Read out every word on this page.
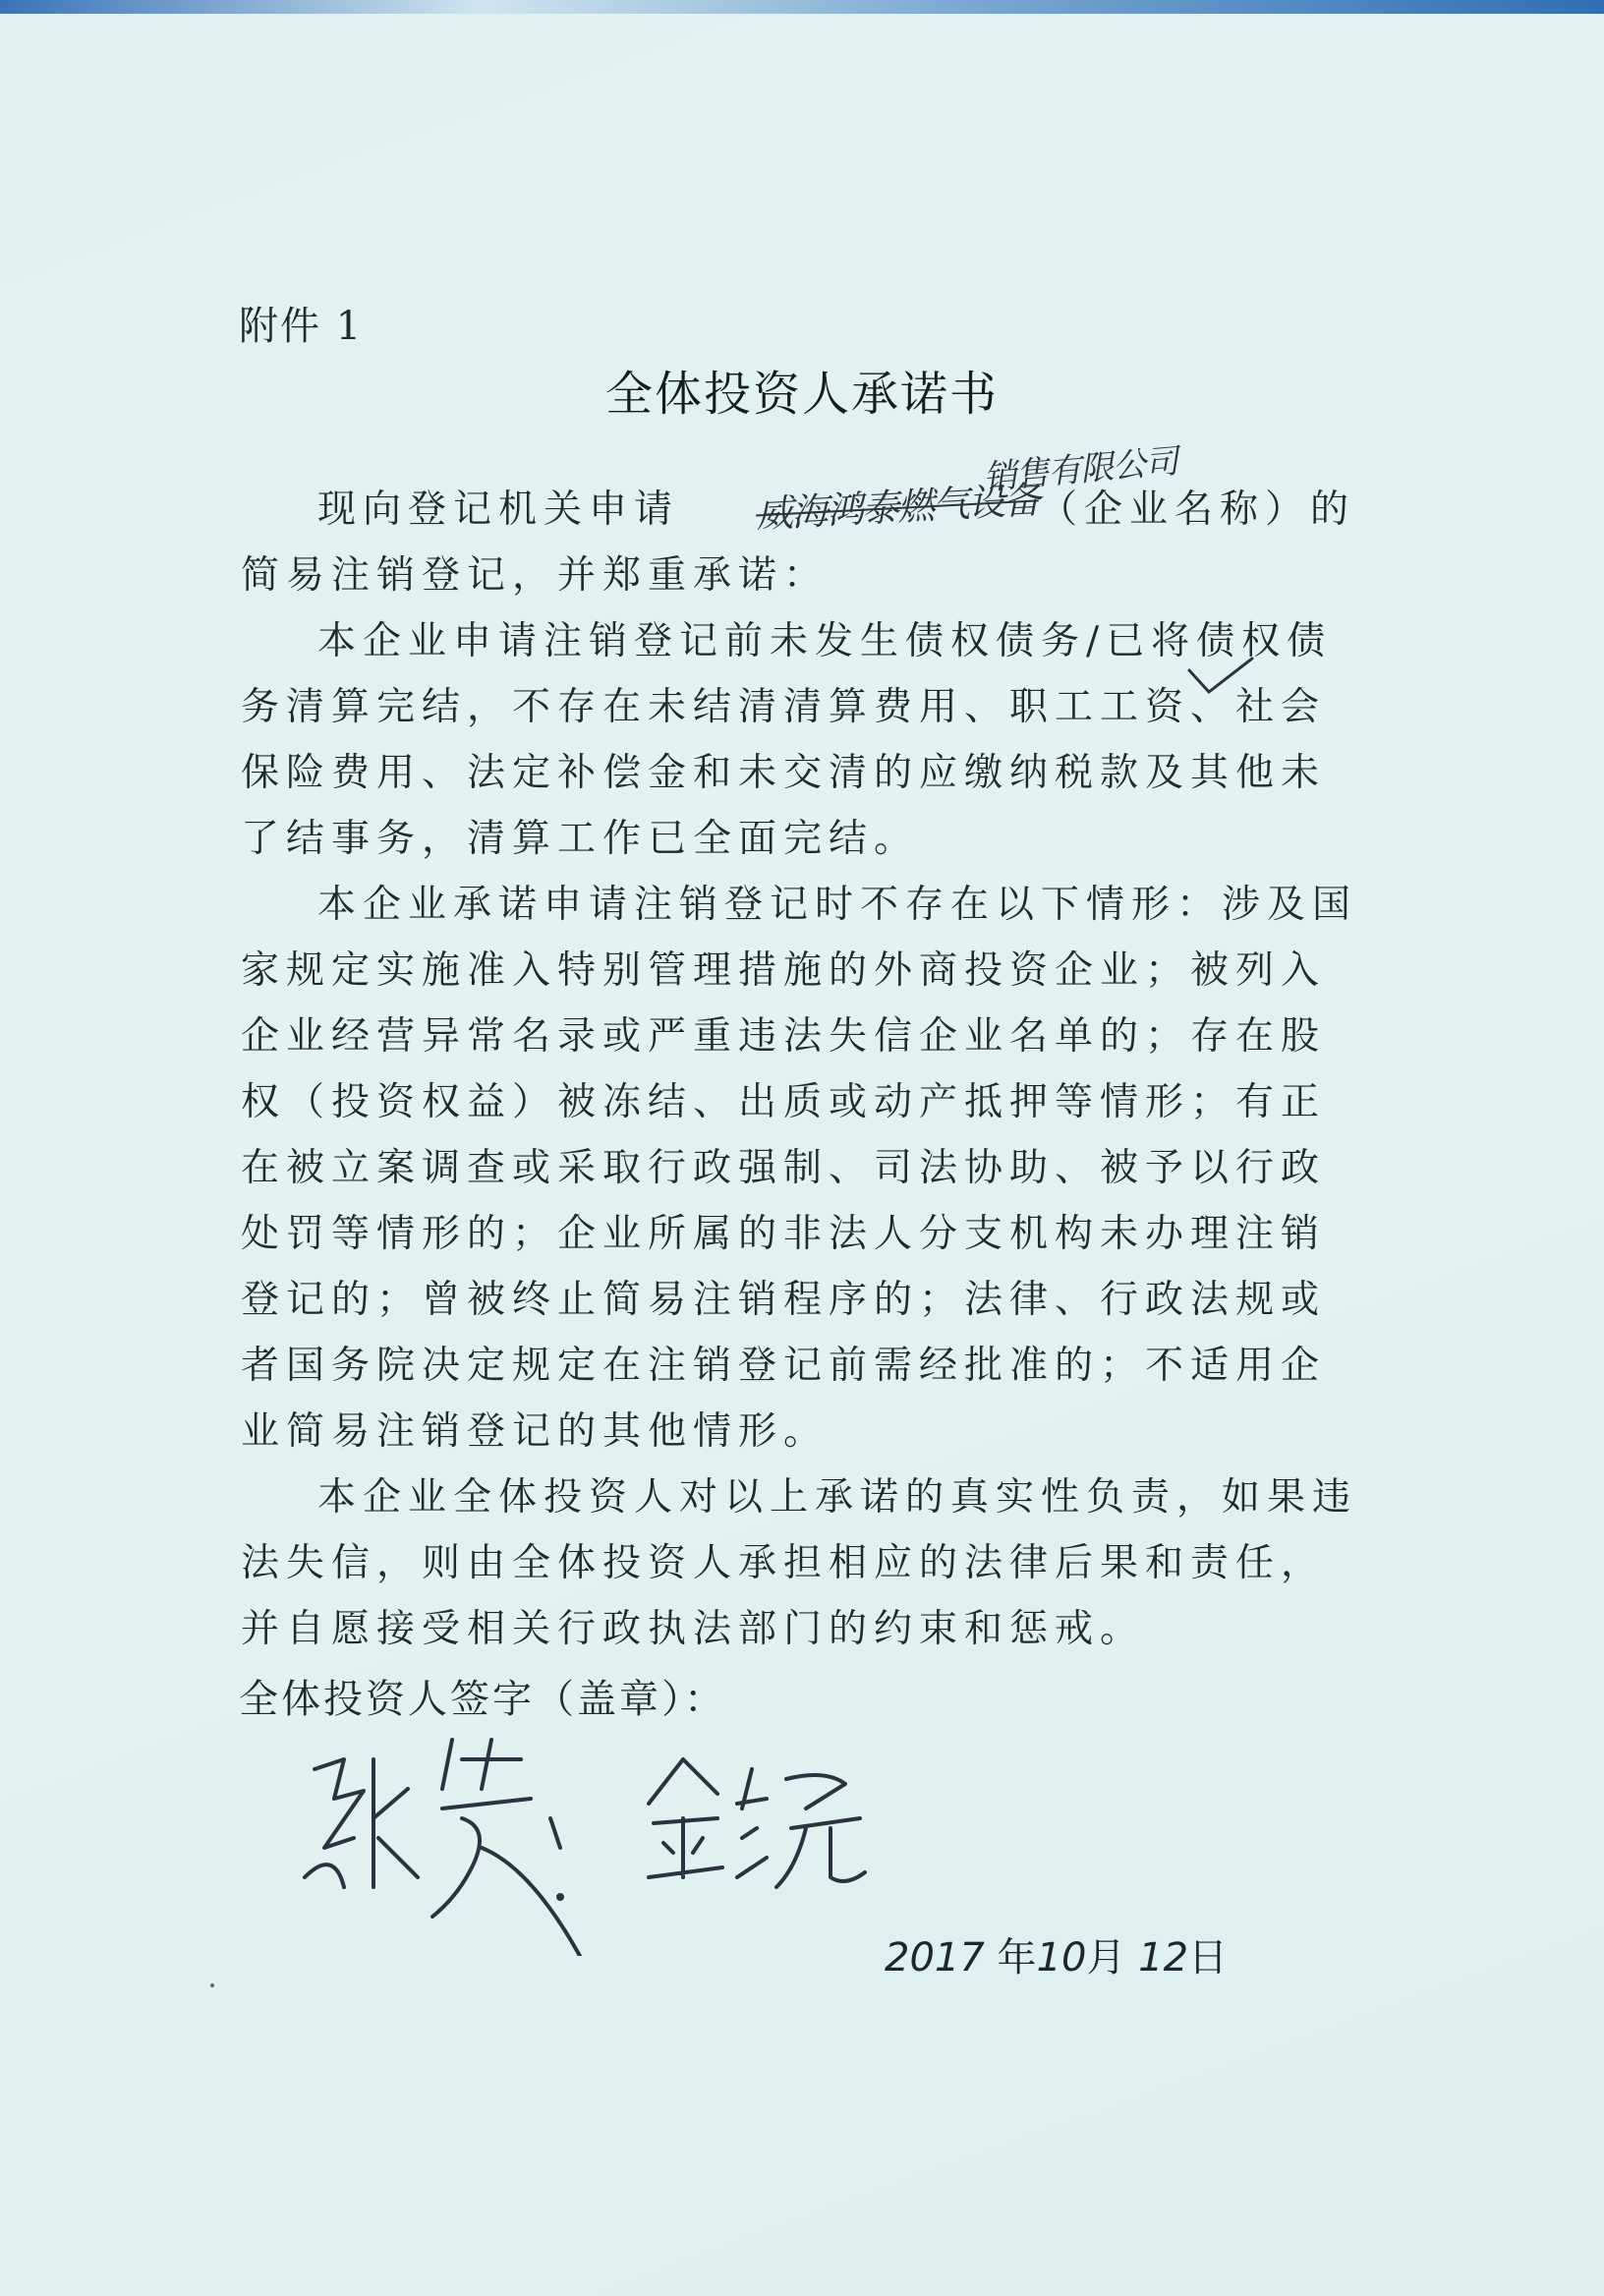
附件 1
全体投资人承诺书
销售有限公司

现向登记机关申请 威海鸿泰燃气设备（企业名称）的简易注销登记，并郑重承诺：

本企业申请注销登记前未发生债权债务/已将债权债务清算完结，不存在未结清清算费用、职工工资、社会保险费用、法定补偿金和未交清的应缴纳税款及其他未了结事务，清算工作已全面完结。

本企业承诺申请注销登记时不存在以下情形：涉及国家规定实施准入特别管理措施的外商投资企业；被列入企业经营异常名录或严重违法失信企业名单的；存在股权（投资权益）被冻结、出质或动产抵押等情形；有正在被立案调查或采取行政强制、司法协助、被予以行政处罚等情形的；企业所属的非法人分支机构未办理注销登记的；曾被终止简易注销程序的；法律、行政法规或者国务院决定规定在注销登记前需经批准的；不适用企业简易注销登记的其他情形。

本企业全体投资人对以上承诺的真实性负责，如果违法失信，则由全体投资人承担相应的法律后果和责任，并自愿接受相关行政执法部门的约束和惩戒。

全体投资人签字（盖章）：
2017 年10月 12日
